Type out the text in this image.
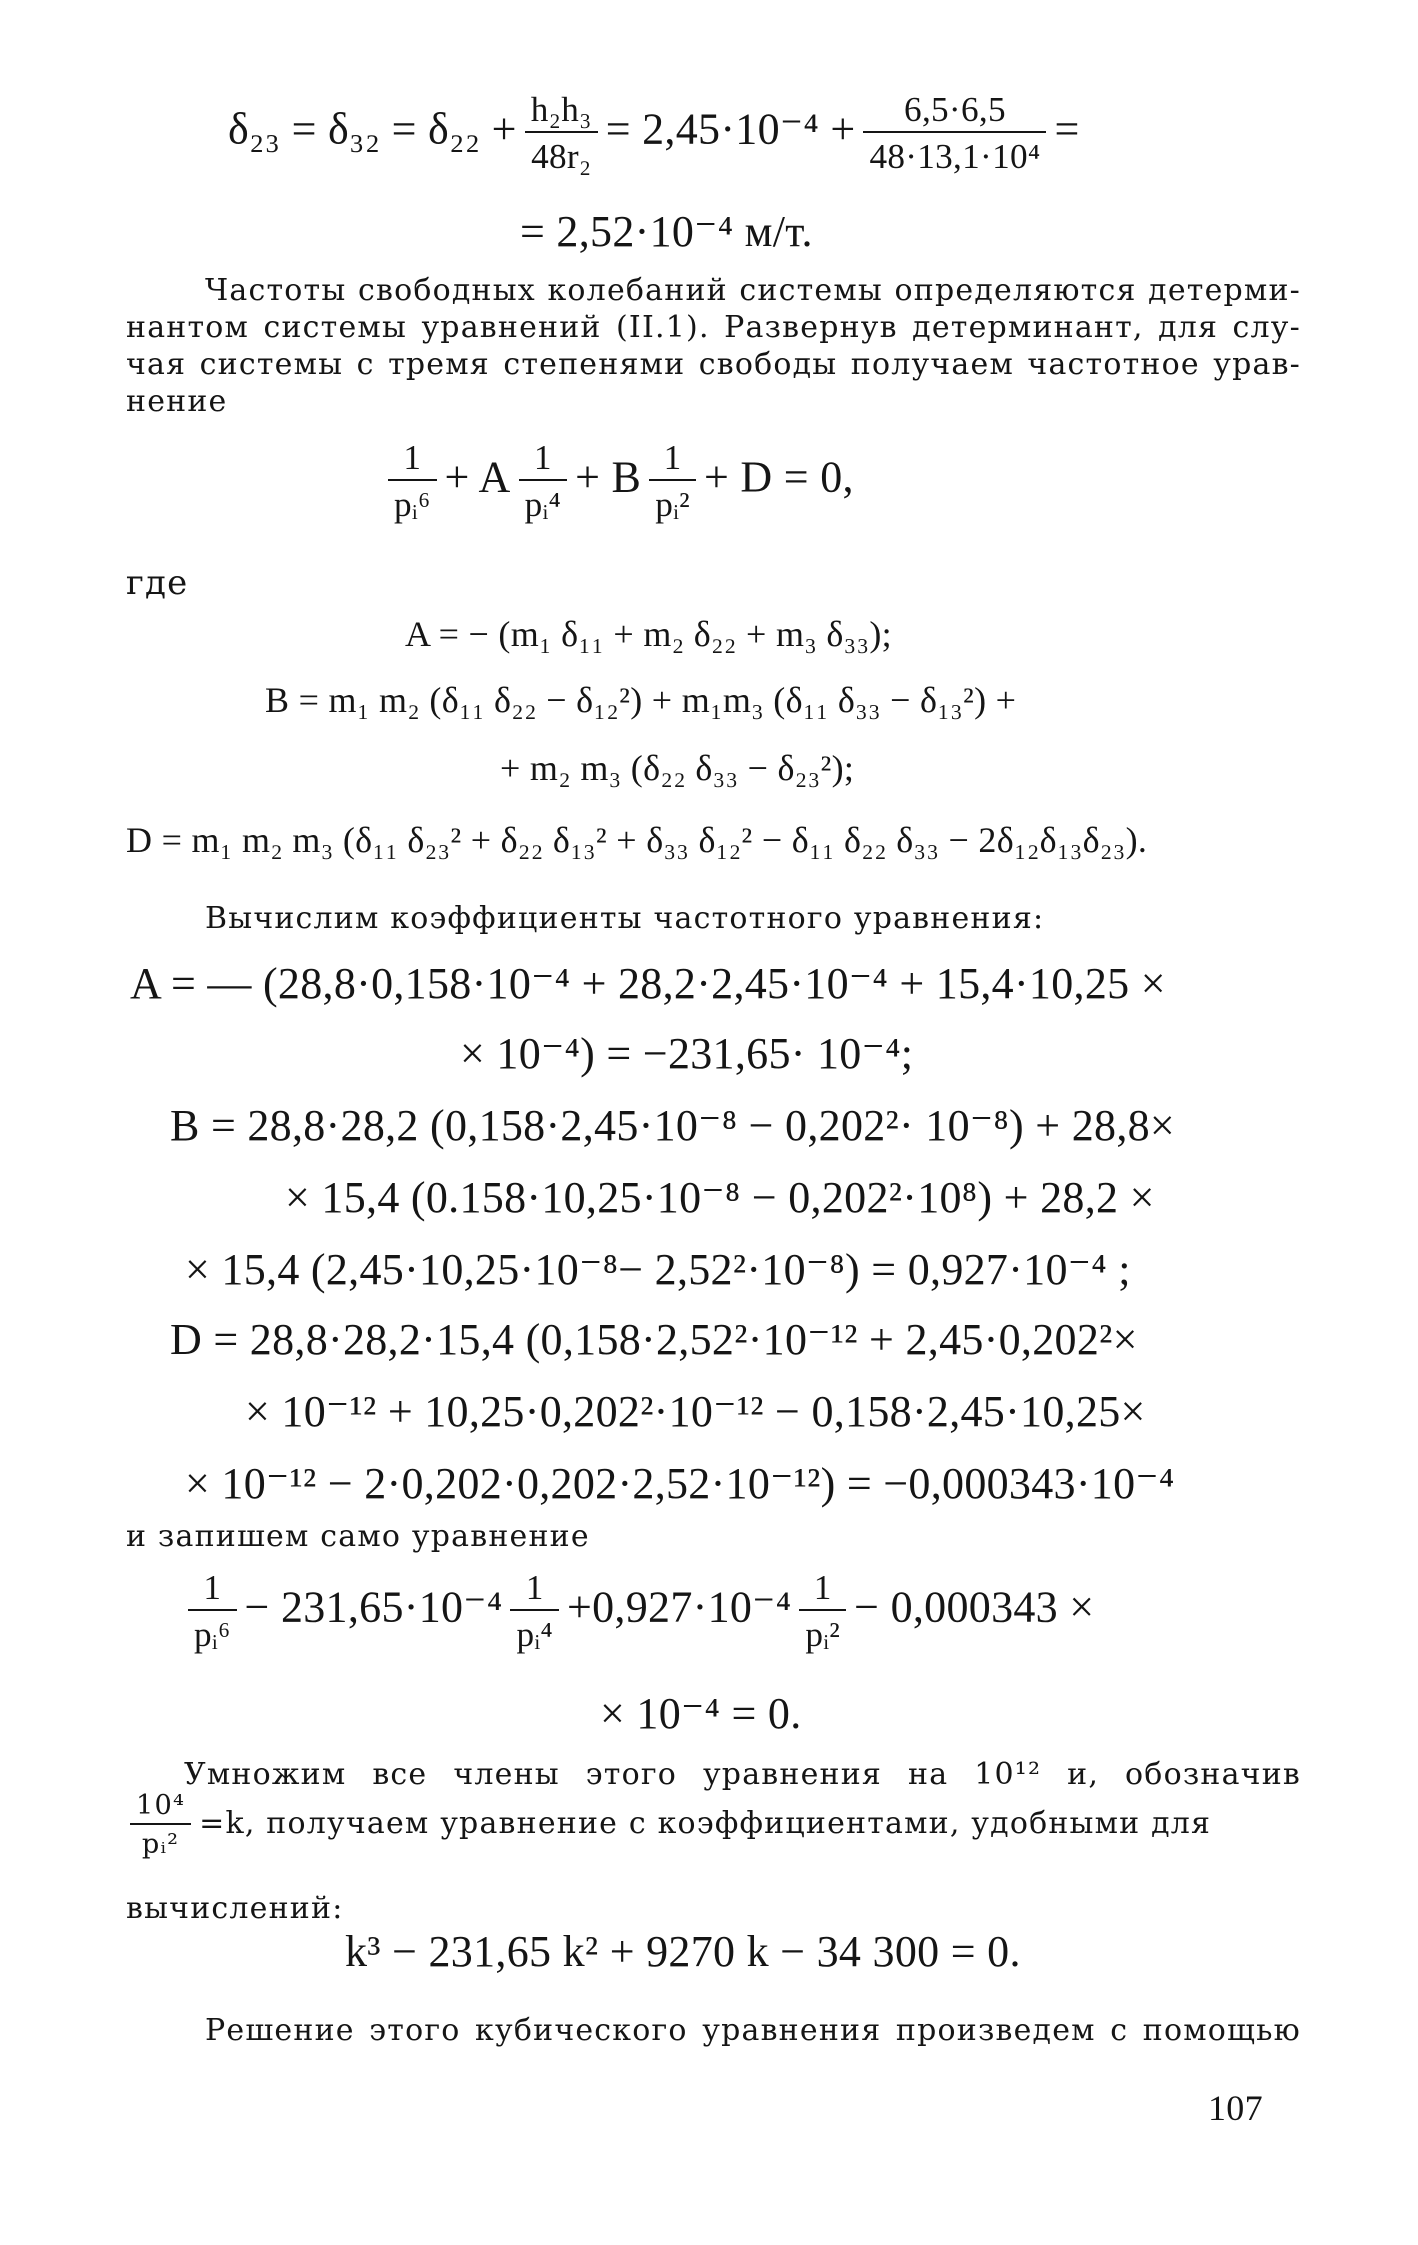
$\delta_{23} = \delta_{32} = \delta_{22} + \frac{\text{h₂h₃}}{\text{48r₂}} = 2,45\cdot 10^{-4} + \frac{6,5\cdot 6,5}{\text{48·13,1·10⁴}}$ =
= 2,52·10⁻⁴ м/т.
Частоты свободных колебаний системы определяются детерми-
нантом системы уравнений (II.1). Развернув детерминант, для слу-
чая системы с тремя степенями свободы получаем частотное урав-
нение
$\frac{1}{\text{pᵢ⁶}} + A \frac{1}{\text{pᵢ⁴}} + B \frac{1}{\text{pᵢ²}} + D = 0$,
где
A = − (m₁ δ₁₁ + m₂ δ₂₂ + m₃ δ₃₃);
B = m₁ m₂ (δ₁₁ δ₂₂ − δ₁₂²) + m₁m₃ (δ₁₁ δ₃₃ − δ₁₃²) +
+ m₂ m₃ (δ₂₂ δ₃₃ − δ₂₃²);
D = m₁ m₂ m₃ (δ₁₁ δ₂₃² + δ₂₂ δ₁₃² + δ₃₃ δ₁₂² − δ₁₁ δ₂₂ δ₃₃ − 2δ₁₂δ₁₃δ₂₃).
Вычислим коэффициенты частотного уравнения:
A = — (28,8·0,158·10⁻⁴ + 28,2·2,45·10⁻⁴ + 15,4·10,25 ×
× 10⁻⁴) = −231,65· 10⁻⁴;
B = 28,8·28,2 (0,158·2,45·10⁻⁸ − 0,202²· 10⁻⁸) + 28,8×
× 15,4 (0.158·10,25·10⁻⁸ − 0,202²·10⁸) + 28,2 ×
× 15,4 (2,45·10,25·10⁻⁸− 2,52²·10⁻⁸) = 0,927·10⁻⁴ ;
D = 28,8·28,2·15,4 (0,158·2,52²·10⁻¹² + 2,45·0,202²×
× 10⁻¹² + 10,25·0,202²·10⁻¹² − 0,158·2,45·10,25×
× 10⁻¹² − 2·0,202·0,202·2,52·10⁻¹²) = −0,000343·10⁻⁴
и запишем само уравнение
$\frac{1}{\text{pᵢ⁶}} - 231,65\cdot 10^{-4} \frac{1}{\text{pᵢ⁴}} +0,927\cdot 10^{-4} \frac{1}{\text{pᵢ²}} - 0,000343$ ×
× 10⁻⁴ = 0.
Умножим все члены этого уравнения на 10¹² и, обозначив
$\frac{\text{10⁴}}{\text{pᵢ²}} =k$, получаем уравнение с коэффициентами, удобными для
вычислений:
k³ − 231,65 k² + 9270 k − 34 300 = 0.
Решение этого кубического уравнения произведем с помощью
107
